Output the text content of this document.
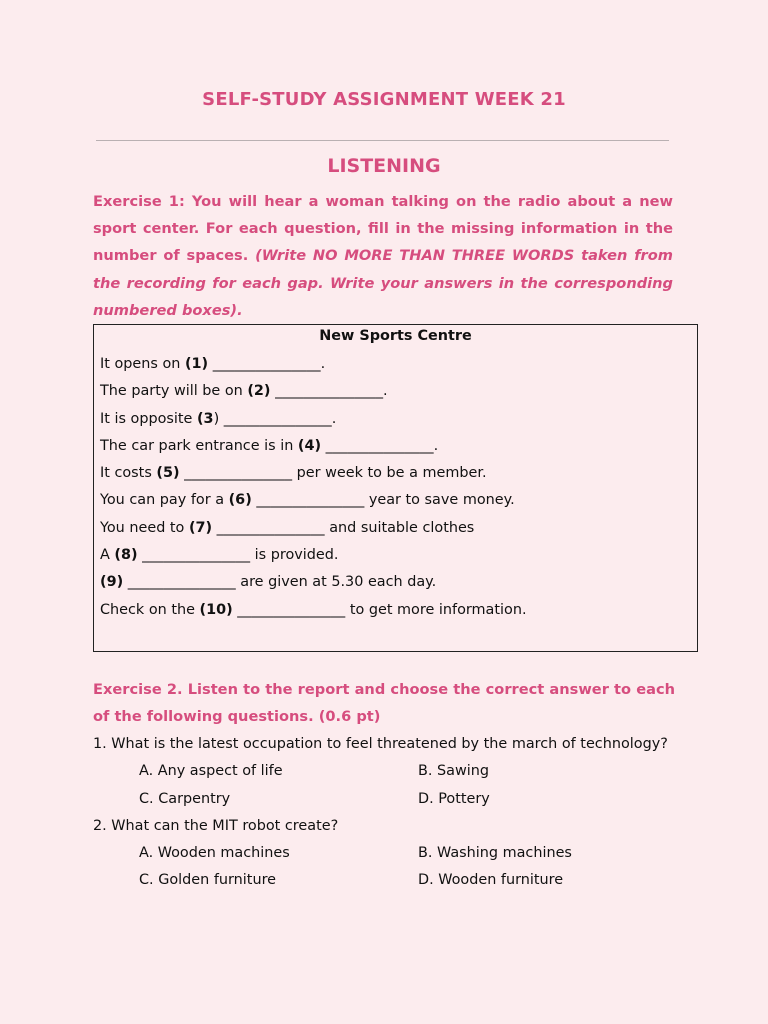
SELF-STUDY ASSIGNMENT WEEK 21
LISTENING
Exercise 1: You will hear a woman talking on the radio about a new sport center. For each question, fill in the missing information in the number of spaces. (Write NO MORE THAN THREE WORDS taken from the recording for each gap. Write your answers in the corresponding numbered boxes).
New Sports Centre
It opens on (1) _______________.
The party will be on (2) _______________.
It is opposite (3) _______________.
The car park entrance is in (4) _______________.
It costs (5) _______________ per week to be a member.
You can pay for a (6) _______________ year to save money.
You need to (7) _______________ and suitable clothes
A (8) _______________ is provided.
(9) _______________ are given at 5.30 each day.
Check on the (10) _______________ to get more information.
Exercise 2. Listen to the report and choose the correct answer to each of the following questions. (0.6 pt)

1. What is the latest occupation to feel threatened by the march of technology?

A. Any aspect of life	B. Sawing
C. Carpentry	D. Pottery

2. What can the MIT robot create?

A. Wooden machines	B. Washing machines
C. Golden furniture	D. Wooden furniture
